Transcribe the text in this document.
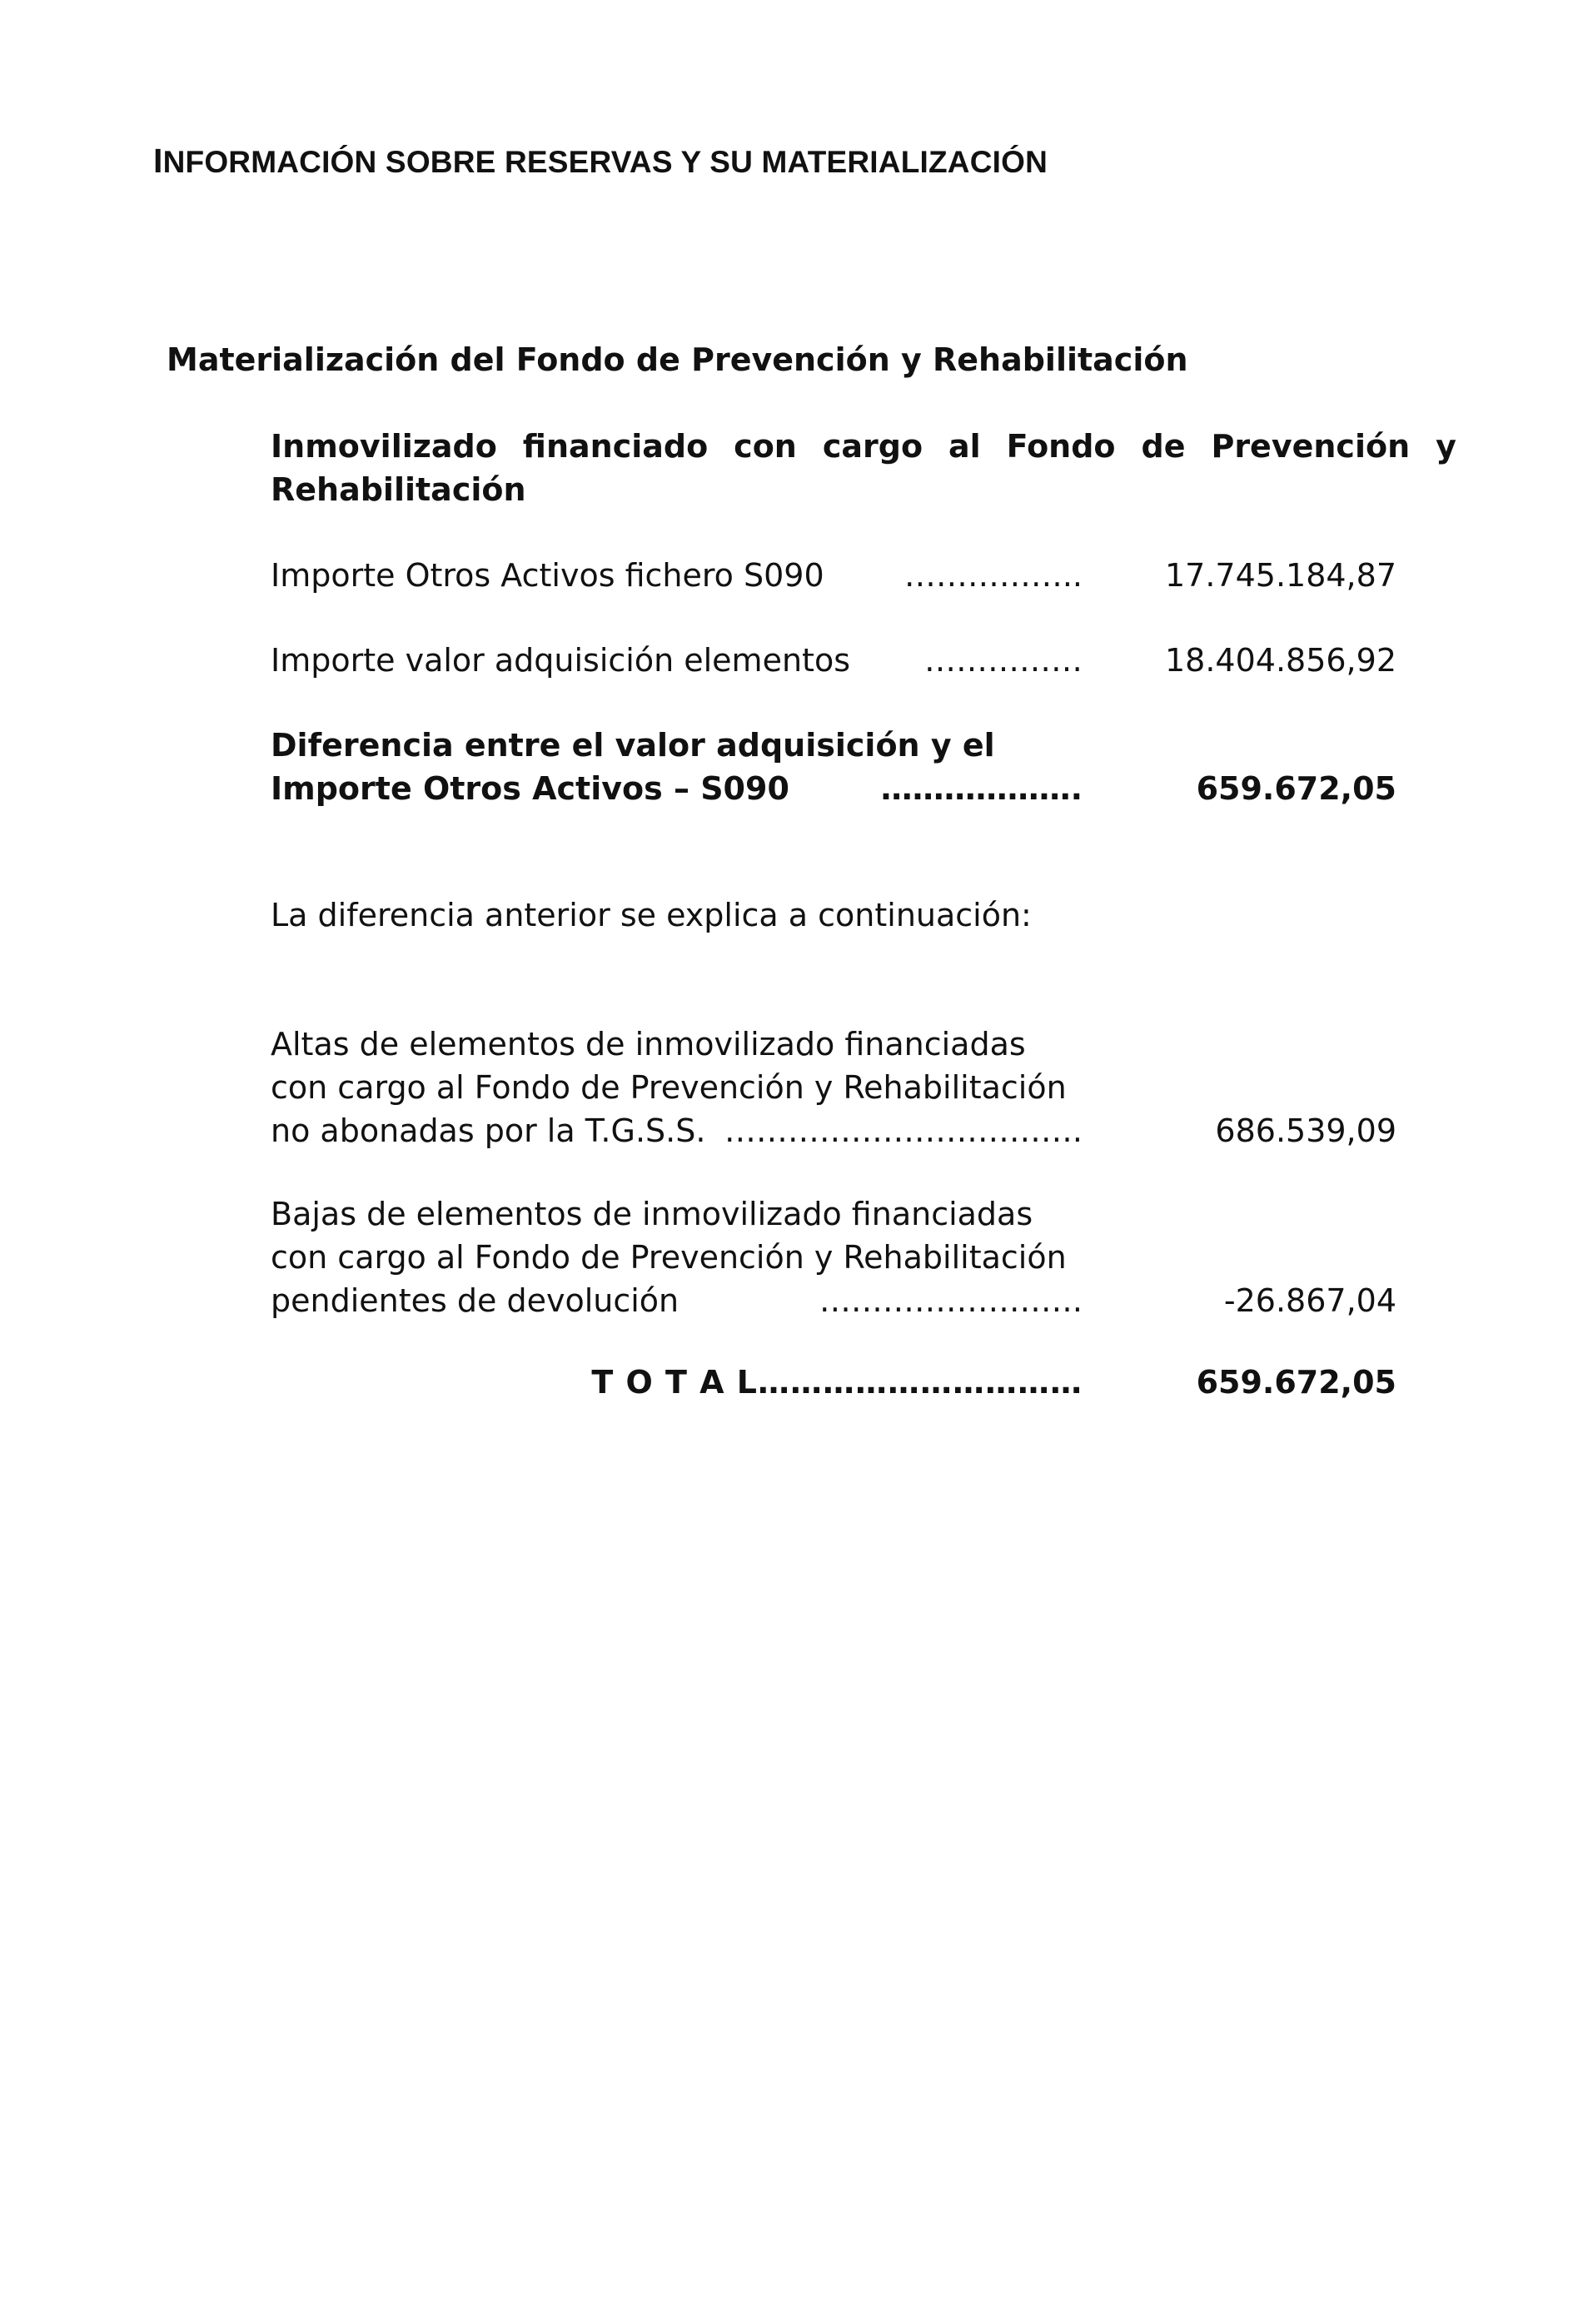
INFORMACIÓN SOBRE RESERVAS Y SU MATERIALIZACIÓN
Materialización del Fondo de Prevención y Rehabilitación
Inmovilizado financiado con cargo al Fondo de Prevención y
Rehabilitación
Importe Otros Activos fichero S090	……………..	17.745.184,87
Importe valor adquisición elementos ……………	18.404.856,92
Diferencia entre el valor adquisición y el
Importe Otros Activos – S090	……………….	659.672,05
La diferencia anterior se explica a continuación:
Altas de elementos de inmovilizado financiadas
con cargo al Fondo de Prevención y Rehabilitación
no abonadas por la T.G.S.S. …………………………….	686.539,09
Bajas de elementos de inmovilizado financiadas
con cargo al Fondo de Prevención y Rehabilitación
pendientes de devolución	…………………….	-26.867,04
T O T A L…………………………	659.672,05
